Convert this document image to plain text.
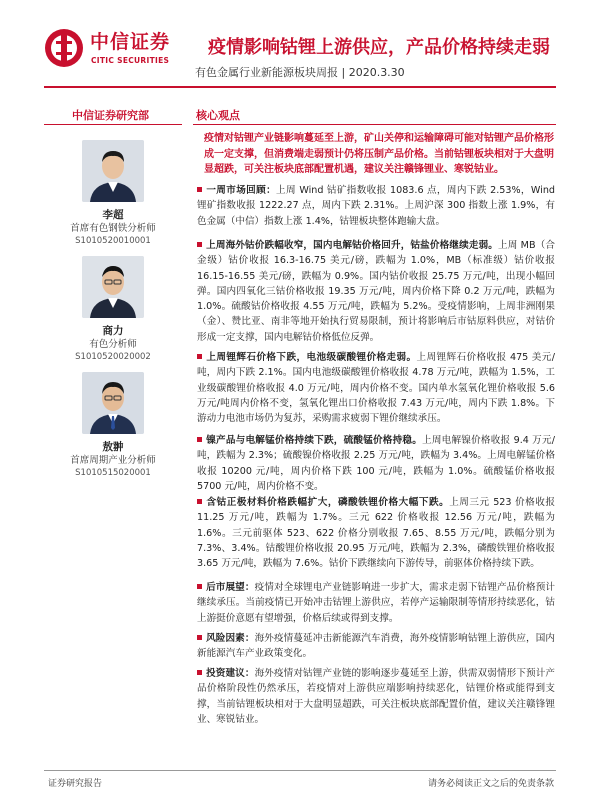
中信证券
CITIC SECURITIES
疫情影响钴锂上游供应，产品价格持续走弱
有色金属行业新能源板块周报 | 2020.3.30
中信证券研究部	核心观点
李超
首席有色钢铁分析师
S1010520010001
商力
有色分析师
S1010520020002
敖翀
首席周期产业分析师
S1010515020001
疫情对钴锂产业链影响蔓延至上游，矿山关停和运输障碍可能对钴锂产品价格形成一定支撑，但消费端走弱预计仍将压制产品价格。当前钴锂板块相对于大盘明显超跌，可关注板块底部配置机遇，建议关注赣锋锂业、寒锐钴业。
一周市场回顾：上周 Wind 钴矿指数收报 1083.6 点，周内下跌 2.53%，Wind 锂矿指数收报 1222.27 点，周内下跌 2.31%。上周沪深 300 指数上涨 1.9%，有色金属（中信）指数上涨 1.4%，钴锂板块整体跑输大盘。
上周海外钴价跌幅收窄，国内电解钴价格回升，钴盐价格继续走弱。上周 MB（合金级）钴价收报 16.3-16.75 美元/磅，跌幅为 1.0%，MB（标准级）钴价收报 16.15-16.55 美元/磅，跌幅为 0.9%。国内钴价收报 25.75 万元/吨，出现小幅回弹。国内四氧化三钴价格收报 19.35 万元/吨，周内价格下降 0.2 万元/吨，跌幅为 1.0%。硫酸钴价格收报 4.55 万元/吨，跌幅为 5.2%。受疫情影响，上周非洲刚果（金）、赞比亚、南非等地开始执行贸易限制，预计将影响后市钴原料供应，对钴价形成一定支撑，国内电解钴价格低位反弹。
上周锂辉石价格下跌，电池级碳酸锂价格走弱。上周锂辉石价格收报 475 美元/吨，周内下跌 2.1%。国内电池级碳酸锂价格收报 4.78 万元/吨，跌幅为 1.5%，工业级碳酸锂价格收报 4.0 万元/吨，周内价格不变。国内单水氢氧化锂价格收报 5.6 万元/吨周内价格不变，氢氧化锂出口价格收报 7.43 万元/吨，周内下跌 1.8%。下游动力电池市场仍为复苏，采购需求疲弱下锂价继续承压。
镍产品与电解锰价格持续下跌，硫酸锰价格持稳。上周电解镍价格收报 9.4 万元/吨，跌幅为 2.3%；硫酸镍价格收报 2.25 万元/吨，跌幅为 3.4%。上周电解锰价格收报 10200 元/吨，周内价格下跌 100 元/吨，跌幅为 1.0%。硫酸锰价格收报 5700 元/吨，周内价格不变。
含钴正极材料价格跌幅扩大，磷酸铁锂价格大幅下跌。上周三元 523 价格收报 11.25 万元/吨，跌幅为 1.7%。三元 622 价格收报 12.56 万元/吨，跌幅为 1.6%。三元前驱体 523、622 价格分别收报 7.65、8.55 万元/吨，跌幅分别为 7.3%、3.4%。钴酸锂价格收报 20.95 万元/吨，跌幅为 2.3%，磷酸铁锂价格收报 3.65 万元/吨，跌幅为 7.6%。钴价下跌继续向下游传导，前驱体价格持续下跌。
后市展望：疫情对全球锂电产业链影响进一步扩大，需求走弱下钴锂产品价格预计继续承压。当前疫情已开始冲击钴锂上游供应，若停产运输限制等情形持续恶化，钴上游挺价意愿有望增强，价格后续或得到支撑。
风险因素：海外疫情蔓延冲击新能源汽车消费，海外疫情影响钴锂上游供应，国内新能源汽车产业政策变化。
投资建议：海外疫情对钴锂产业链的影响逐步蔓延至上游，供需双弱情形下预计产品价格阶段性仍然承压，若疫情对上游供应端影响持续恶化，钴锂价格或能得到支撑，当前钴锂板块相对于大盘明显超跌，可关注板块底部配置价值，建议关注赣锋锂业、寒锐钴业。
证券研究报告	请务必阅读正文之后的免责条款
